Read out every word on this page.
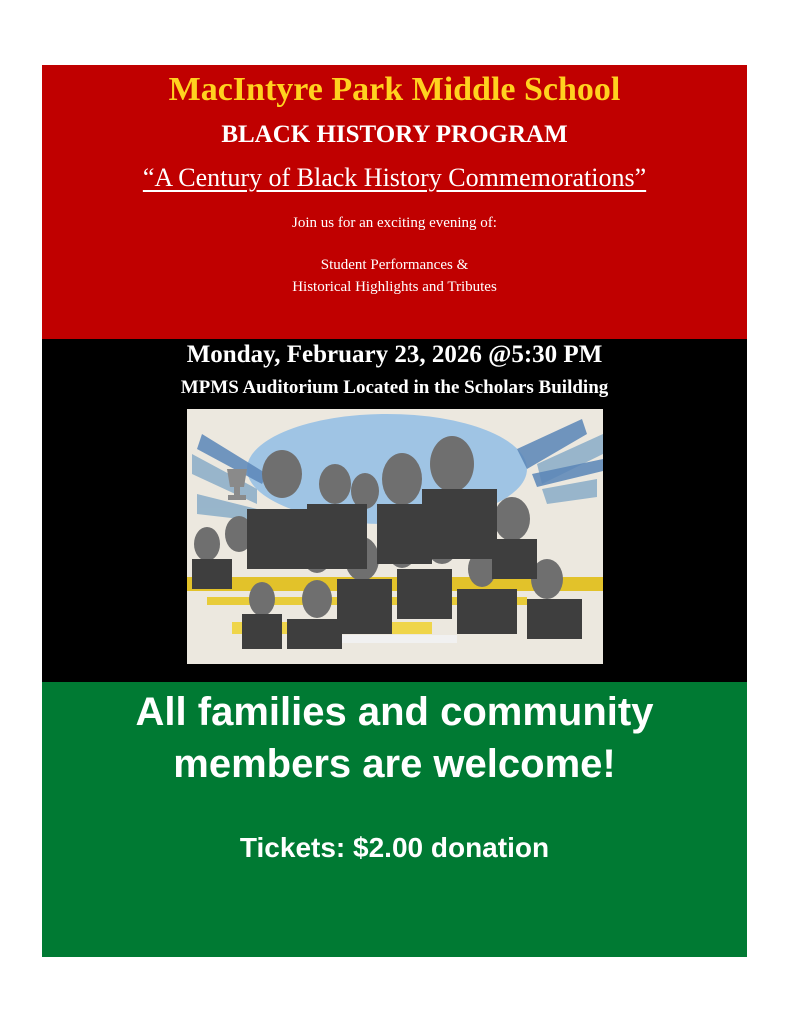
MacIntyre Park Middle School
BLACK HISTORY PROGRAM
“A Century of Black History Commemorations”
Join us for an exciting evening of:
Student Performances &
Historical Highlights and Tributes
Monday, February 23, 2026 @5:30 PM
MPMS Auditorium Located in the Scholars Building
All families and community
members are welcome!
Tickets: $2.00 donation
